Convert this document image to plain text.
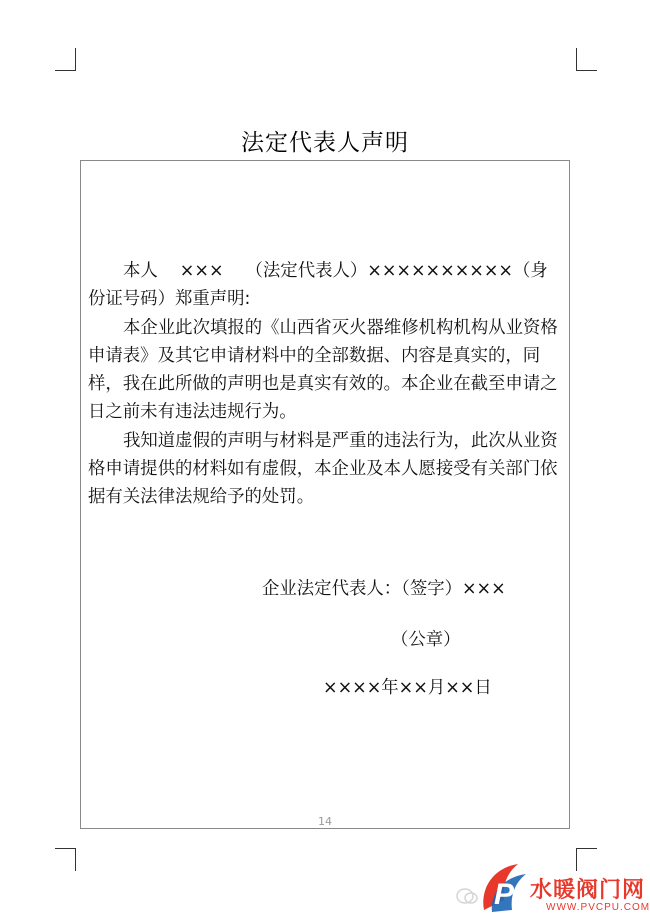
法定代表人声明

本人 ××× （法定代表人）××××××××××（身份证号码）郑重声明:

本企业此次填报的《山西省灭火器维修机构机构从业资格申请表》及其它申请材料中的全部数据、内容是真实的，同样，我在此所做的声明也是真实有效的。本企业在截至申请之日之前未有违法违规行为。

我知道虚假的声明与材料是严重的违法行为，此次从业资格申请提供的材料如有虚假，本企业及本人愿接受有关部门依据有关法律法规给予的处罚。

企业法定代表人：（签字）×××
（公章）
××××年××月××日
14
P 水暖阀门网
WWW.PVCPU.COM
